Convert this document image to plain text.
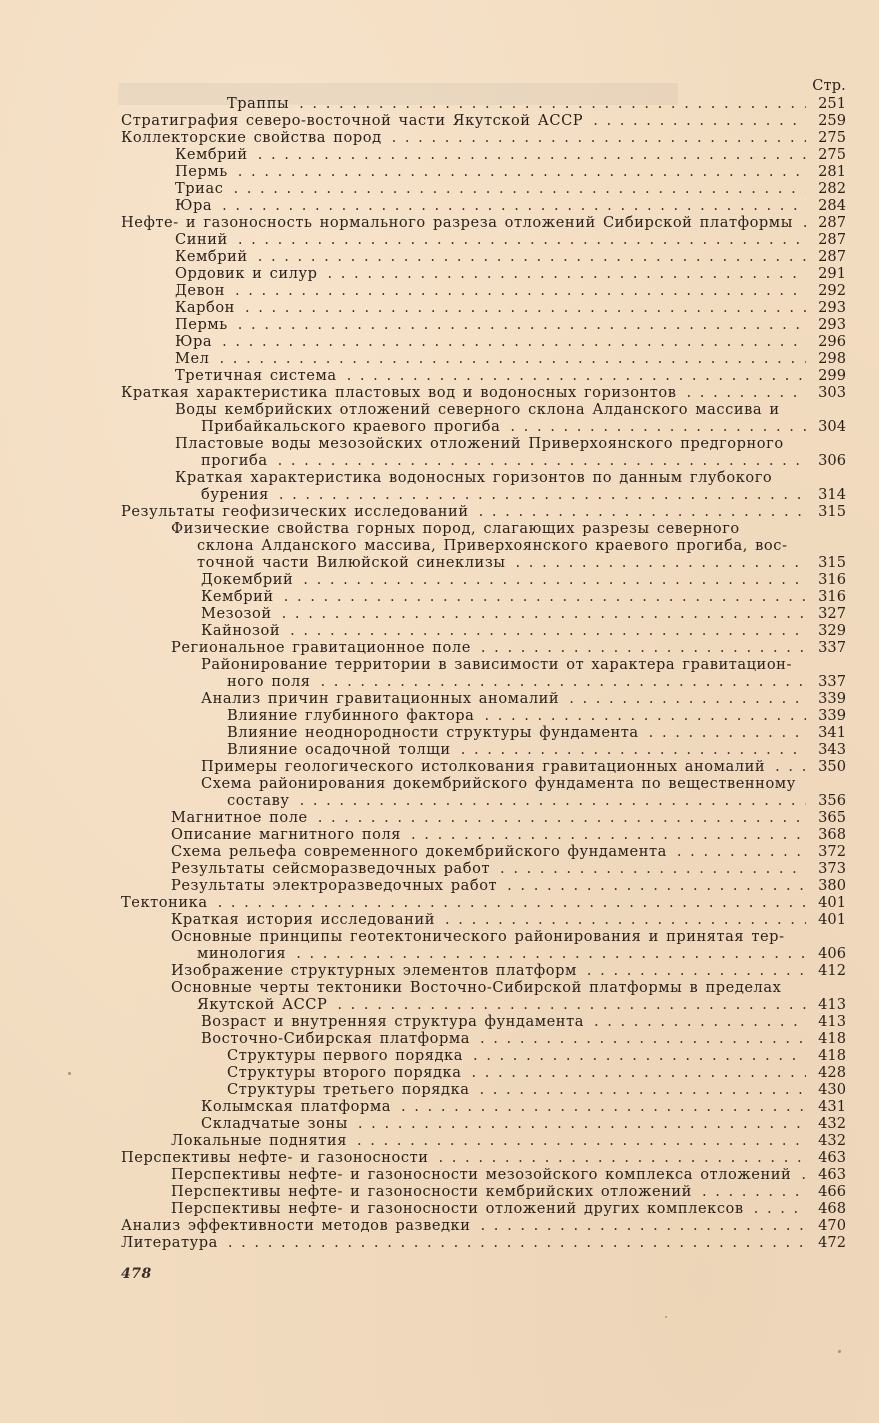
Стр.
Траппы . . .	251
Стратиграфия северо-восточной части Якутской АССР . . .	259
Коллекторские свойства пород . . .	275
Кембрий . . .	275
Пермь . . .	281
Триас . . .	282
Юра . . .	284
Нефте- и газоносность нормального разреза отложений Сибирской платформы . . .	287
Синий . . .	287
Кембрий . . .	287
Ордовик и силур . . .	291
Девон . . .	292
Карбон . . .	293
Пермь . . .	293
Юра . . .	296
Мел . . .	298
Третичная система . . .	299
Краткая характеристика пластовых вод и водоносных горизонтов . . .	303
Воды кембрийских отложений северного склона Алданского массива и
Прибайкальского краевого прогиба . . .	304
Пластовые воды мезозойских отложений Приверхоянского предгорного
прогиба . . .	306
Краткая характеристика водоносных горизонтов по данным глубокого
бурения . . .	314
Результаты геофизических исследований . . .	315
Физические свойства горных пород, слагающих разрезы северного
склона Алданского массива, Приверхоянского краевого прогиба, вос-
точной части Вилюйской синеклизы . . .	315
Докембрий . . .	316
Кембрий . . .	316
Мезозой . . .	327
Кайнозой . . .	329
Региональное гравитационное поле . . .	337
Районирование территории в зависимости от характера гравитацион-
ного поля . . .	337
Анализ причин гравитационных аномалий . . .	339
Влияние глубинного фактора . . .	339
Влияние неоднородности структуры фундамента . . .	341
Влияние осадочной толщи . . .	343
Примеры геологического истолкования гравитационных аномалий . . .	350
Схема районирования докембрийского фундамента по вещественному
составу . . .	356
Магнитное поле . . .	365
Описание магнитного поля . . .	368
Схема рельефа современного докембрийского фундамента . . .	372
Результаты сейсморазведочных работ . . .	373
Результаты электроразведочных работ . . .	380
Тектоника . . .	401
Краткая история исследований . . .	401
Основные принципы геотектонического районирования и принятая тер-
минология . . .	406
Изображение структурных элементов платформ . . .	412
Основные черты тектоники Восточно-Сибирской платформы в пределах
Якутской АССР . . .	413
Возраст и внутренняя структура фундамента . . .	413
Восточно-Сибирская платформа . . .	418
Структуры первого порядка . . .	418
Структуры второго порядка . . .	428
Структуры третьего порядка . . .	430
Колымская платформа . . .	431
Складчатые зоны . . .	432
Локальные поднятия . . .	432
Перспективы нефте- и газоносности . . .	463
Перспективы нефте- и газоносности мезозойского комплекса отложений . . .	463
Перспективы нефте- и газоносности кембрийских отложений . . .	466
Перспективы нефте- и газоносности отложений других комплексов . . .	468
Анализ эффективности методов разведки . . .	470
Литература . . .	472
478
